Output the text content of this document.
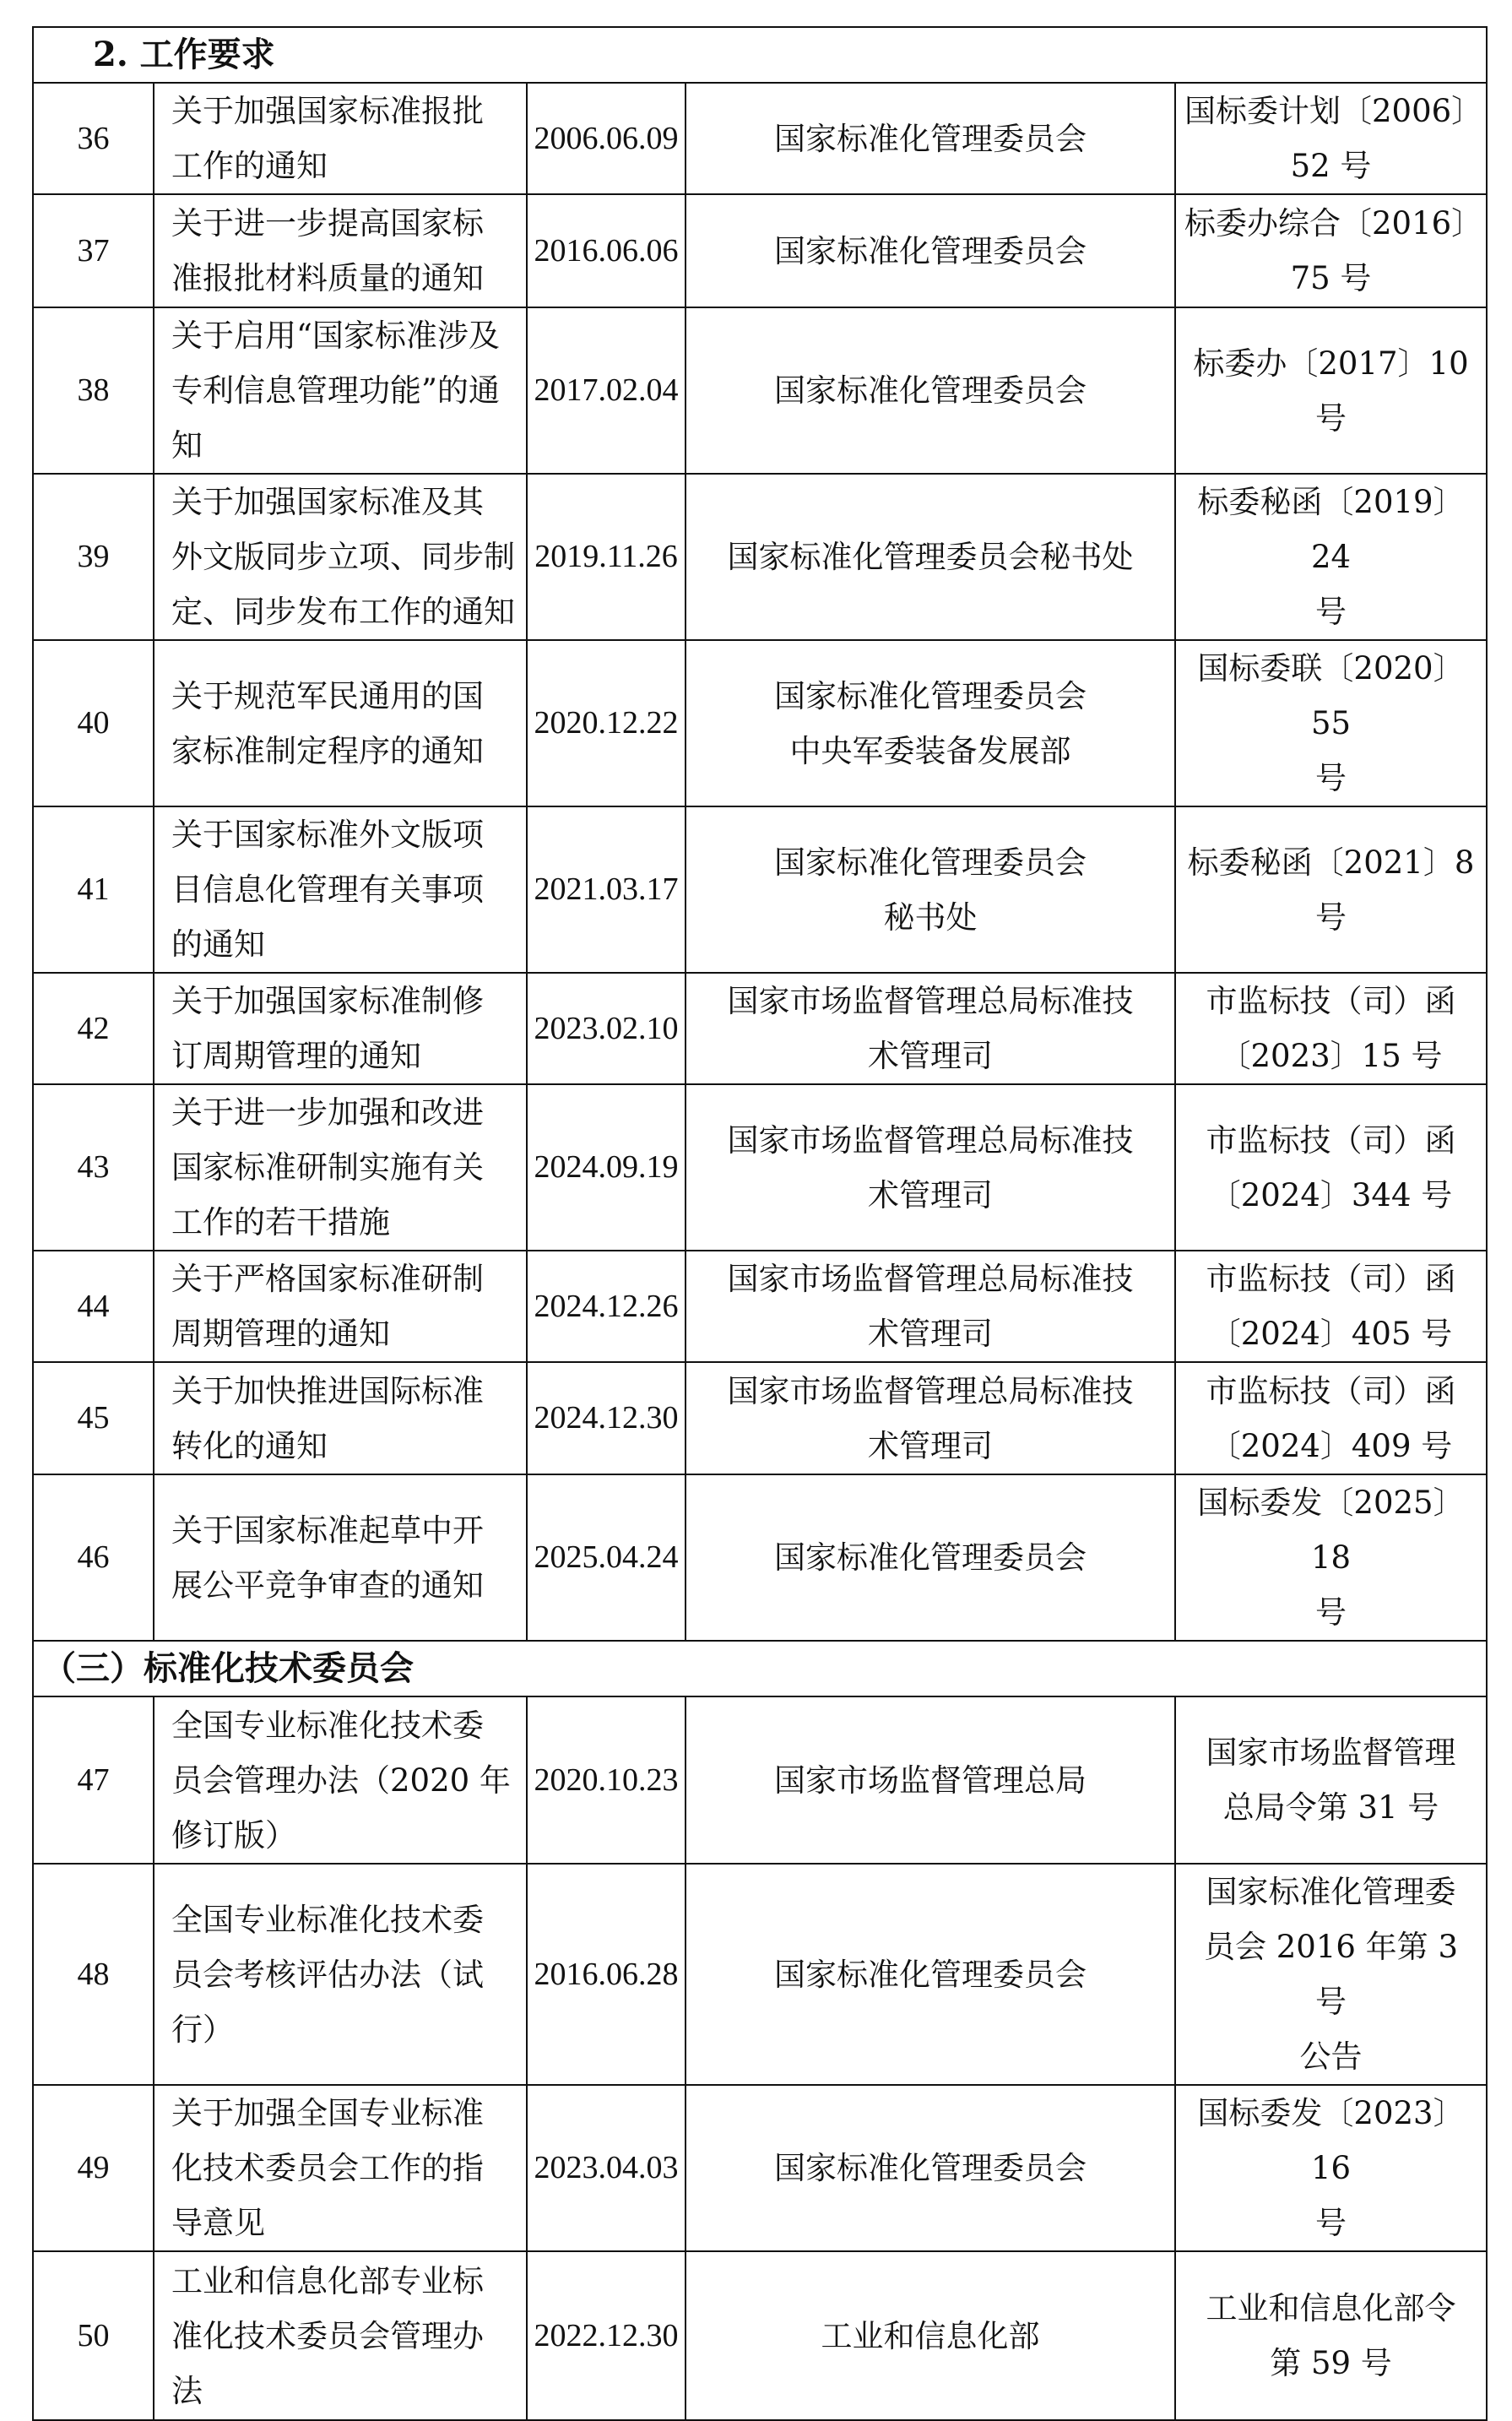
2. 工作要求				
36	关于加强国家标准报批
工作的通知	2006.06.09	国家标准化管理委员会	国标委计划〔2006〕
52 号

37	关于进一步提高国家标
准报批材料质量的通知	2016.06.06	国家标准化管理委员会	标委办综合〔2016〕
75 号

38	关于启用“国家标准涉及
专利信息管理功能”的通
知	2017.02.04	国家标准化管理委员会	标委办〔2017〕10
号

39	关于加强国家标准及其
外文版同步立项、同步制
定、同步发布工作的通知	2019.11.26	国家标准化管理委员会秘书处	标委秘函〔2019〕24
号

40	关于规范军民通用的国
家标准制定程序的通知	2020.12.22	国家标准化管理委员会
中央军委装备发展部	国标委联〔2020〕55
号

41	关于国家标准外文版项
目信息化管理有关事项
的通知	2021.03.17	国家标准化管理委员会
秘书处	标委秘函〔2021〕8
号

42	关于加强国家标准制修
订周期管理的通知	2023.02.10	国家市场监督管理总局标准技
术管理司	市监标技（司）函
〔2023〕15 号

43	关于进一步加强和改进
国家标准研制实施有关
工作的若干措施	2024.09.19	国家市场监督管理总局标准技
术管理司	市监标技（司）函
〔2024〕344 号

44	关于严格国家标准研制
周期管理的通知	2024.12.26	国家市场监督管理总局标准技
术管理司	市监标技（司）函
〔2024〕405 号

45	关于加快推进国际标准
转化的通知	2024.12.30	国家市场监督管理总局标准技
术管理司	市监标技（司）函
〔2024〕409 号

46	关于国家标准起草中开
展公平竞争审查的通知	2025.04.24	国家标准化管理委员会	国标委发〔2025〕18
号

（三）标准化技术委员会				
47	全国专业标准化技术委
员会管理办法（2020 年
修订版）	2020.10.23	国家市场监督管理总局	国家市场监督管理
总局令第 31 号

48	全国专业标准化技术委
员会考核评估办法（试
行）	2016.06.28	国家标准化管理委员会	国家标准化管理委
员会 2016 年第 3 号
公告

49	关于加强全国专业标准
化技术委员会工作的指
导意见	2023.04.03	国家标准化管理委员会	国标委发〔2023〕16
号

50	工业和信息化部专业标
准化技术委员会管理办
法	2022.12.30	工业和信息化部	工业和信息化部令
第 59 号
